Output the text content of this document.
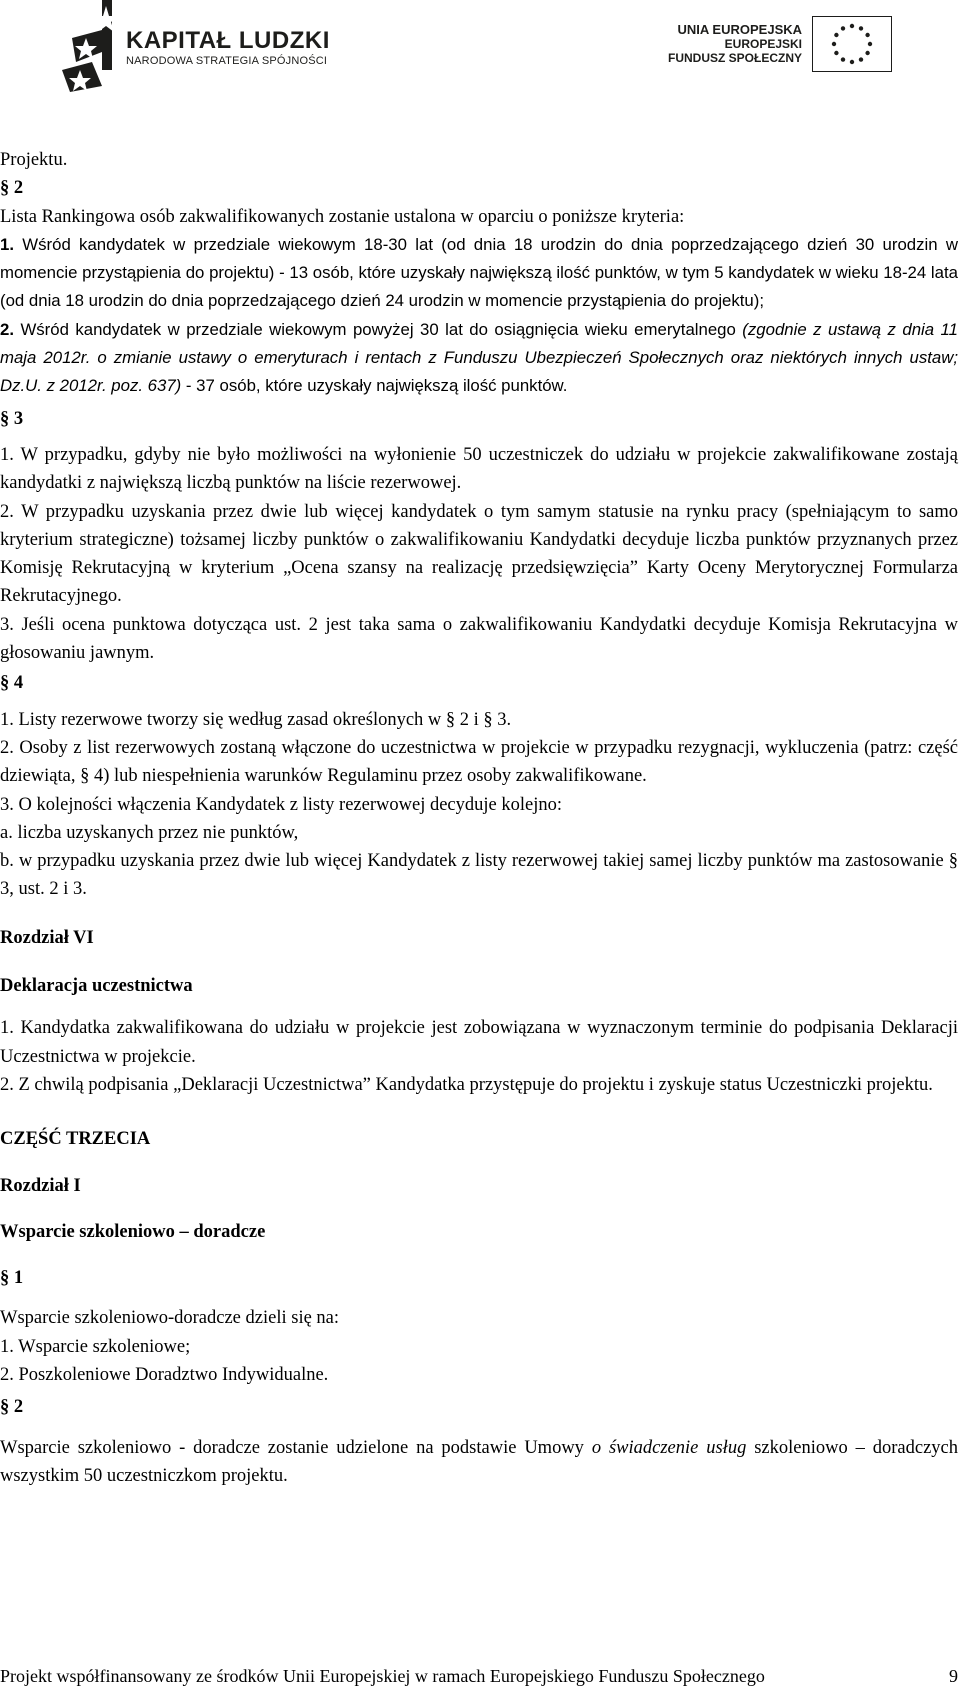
KAPITAŁ LUDZKI
NARODOWA STRATEGIA SPÓJNOŚCI
UNIA EUROPEJSKA
EUROPEJSKI
FUNDUSZ SPOŁECZNY

Projektu.

§ 2

Lista Rankingowa osób zakwalifikowanych zostanie ustalona w oparciu o poniższe kryteria:

1. Wśród kandydatek w przedziale wiekowym 18-30 lat (od dnia 18 urodzin do dnia poprzedzającego dzień 30 urodzin w momencie przystąpienia do projektu) - 13 osób, które uzyskały największą ilość punktów, w tym 5 kandydatek w wieku 18-24 lata (od dnia 18 urodzin do dnia poprzedzającego dzień 24 urodzin w momencie przystąpienia do projektu);

2. Wśród kandydatek w przedziale wiekowym powyżej 30 lat do osiągnięcia wieku emerytalnego (zgodnie z ustawą z dnia 11 maja 2012r. o zmianie ustawy o emeryturach i rentach z Funduszu Ubezpieczeń Społecznych oraz niektórych innych ustaw; Dz.U. z 2012r. poz. 637) - 37 osób, które uzyskały największą ilość punktów.

§ 3

1. W przypadku, gdyby nie było możliwości na wyłonienie 50 uczestniczek do udziału w projekcie zakwalifikowane zostają kandydatki z największą liczbą punktów na liście rezerwowej.

2. W przypadku uzyskania przez dwie lub więcej kandydatek o tym samym statusie na rynku pracy (spełniającym to samo kryterium strategiczne) tożsamej liczby punktów o zakwalifikowaniu Kandydatki decyduje liczba punktów przyznanych przez Komisję Rekrutacyjną w kryterium „Ocena szansy na realizację przedsięwzięcia” Karty Oceny Merytorycznej Formularza Rekrutacyjnego.

3. Jeśli ocena punktowa dotycząca ust. 2 jest taka sama o zakwalifikowaniu Kandydatki decyduje Komisja Rekrutacyjna w głosowaniu jawnym.

§ 4

1. Listy rezerwowe tworzy się według zasad określonych w § 2 i § 3.

2. Osoby z list rezerwowych zostaną włączone do uczestnictwa w projekcie w przypadku rezygnacji, wykluczenia (patrz: część dziewiąta, § 4) lub niespełnienia warunków Regulaminu przez osoby zakwalifikowane.

3. O kolejności włączenia Kandydatek z listy rezerwowej decyduje kolejno:

a. liczba uzyskanych przez nie punktów,

b. w przypadku uzyskania przez dwie lub więcej Kandydatek z listy rezerwowej takiej samej liczby punktów ma zastosowanie § 3, ust. 2 i 3.

Rozdział VI

Deklaracja uczestnictwa

1. Kandydatka zakwalifikowana do udziału w projekcie jest zobowiązana w wyznaczonym terminie do podpisania Deklaracji Uczestnictwa w projekcie.

2. Z chwilą podpisania „Deklaracji Uczestnictwa” Kandydatka przystępuje do projektu i zyskuje status Uczestniczki projektu.

CZĘŚĆ TRZECIA

Rozdział I

Wsparcie szkoleniowo – doradcze

§ 1

Wsparcie szkoleniowo-doradcze dzieli się na:

1. Wsparcie szkoleniowe;

2. Poszkoleniowe Doradztwo Indywidualne.

§ 2

Wsparcie szkoleniowo - doradcze zostanie udzielone na podstawie Umowy o świadczenie usług szkoleniowo – doradczych wszystkim 50 uczestniczkom projektu.

Projekt współfinansowany ze środków Unii Europejskiej w ramach Europejskiego Funduszu Społecznego	9
